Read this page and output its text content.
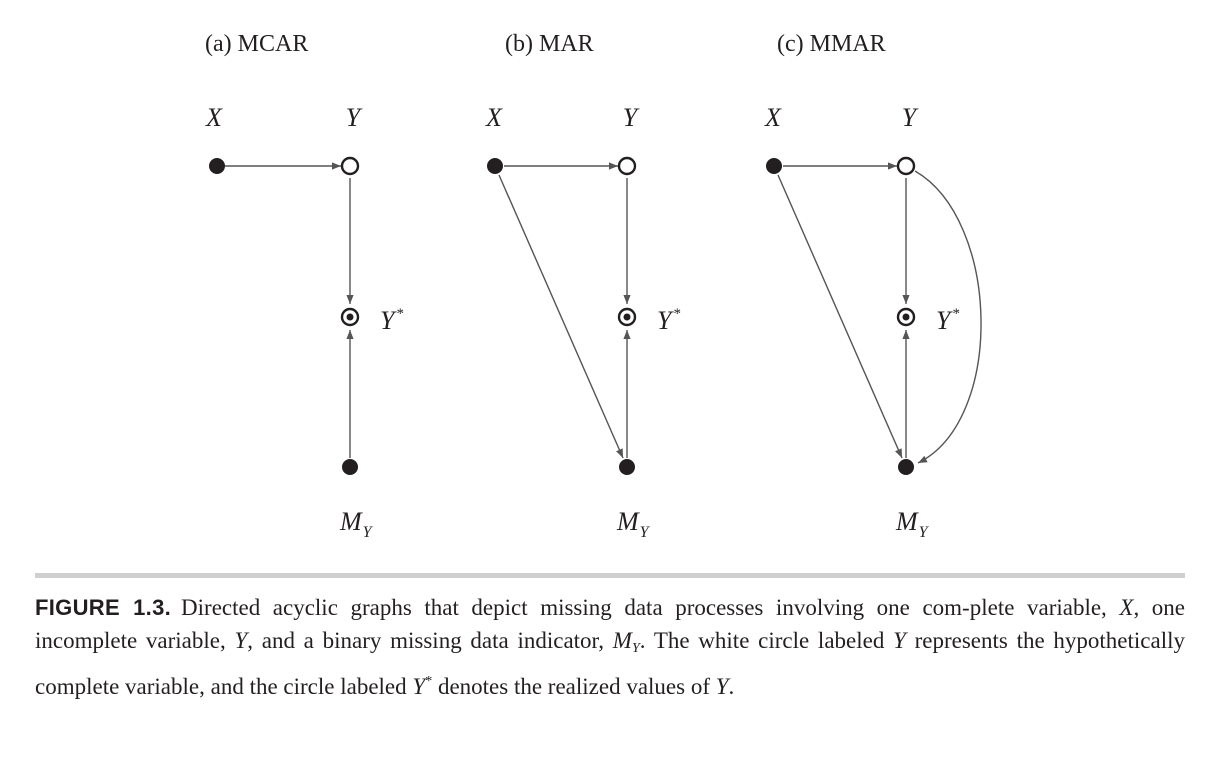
(a) MCAR
X	Y
Y *
$M_Y$
(b) MAR
X	Y
Y *
$M_Y$
(c) MMAR
X	Y
Y *
$M_Y$
FIGURE 1.3. Directed acyclic graphs that depict missing data processes involving one com-plete variable, X, one incomplete variable, Y, and a binary missing data indicator, $M_Y$. The white circle labeled Y represents the hypothetically complete variable, and the circle labeled Y* denotes the realized values of Y.
